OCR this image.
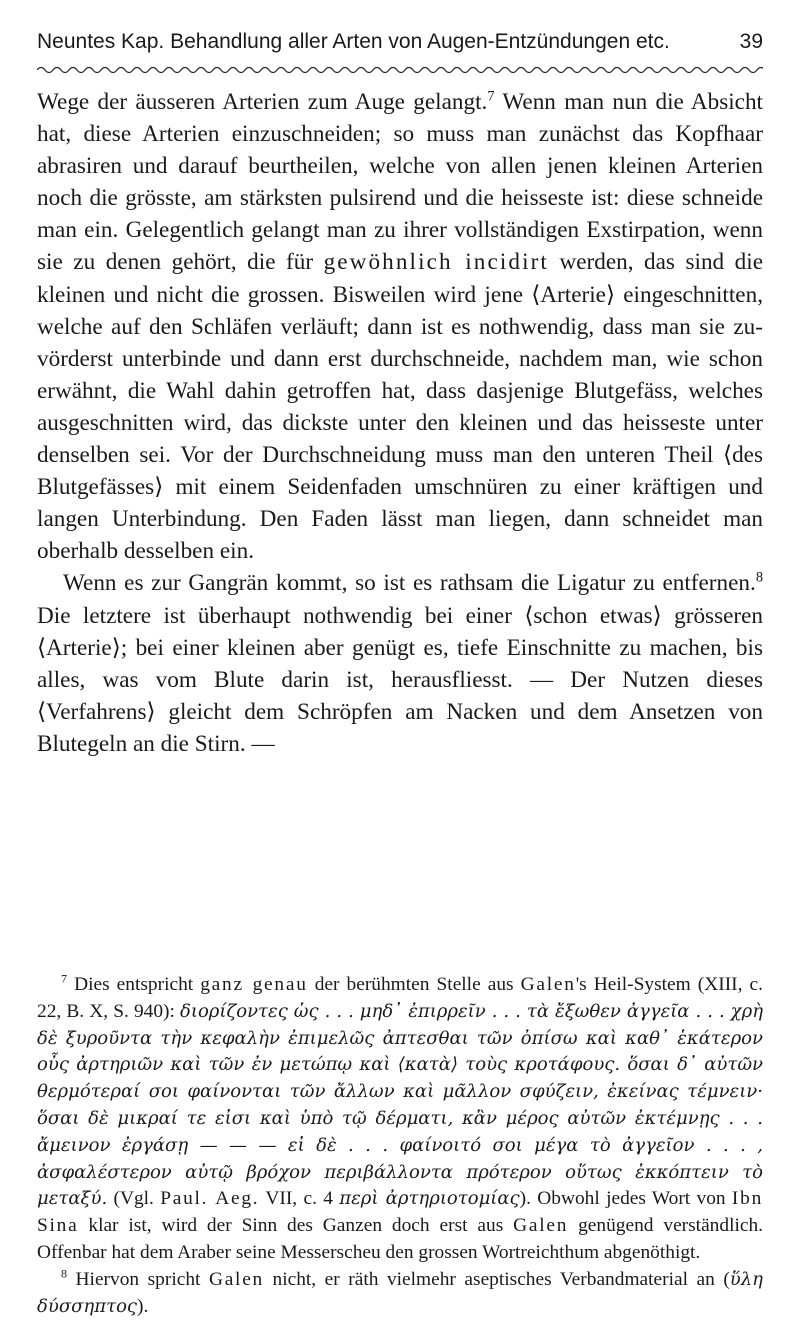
Neuntes Kap. Behandlung aller Arten von Augen-Entzündungen etc.	39

Wege der äusseren Arterien zum Auge gelangt.$^7$ Wenn man nun die Absicht hat, diese Arterien einzuschneiden; so muss man zunächst das Kopfhaar abrasiren und darauf beurtheilen, welche von allen jenen kleinen Arterien noch die grösste, am stärksten pulsirend und die heisseste ist: diese schneide man ein. Gelegentlich gelangt man zu ihrer vollständigen Exstirpation, wenn sie zu denen gehört, die für gewöhnlich incidirt werden, das sind die kleinen und nicht die grossen. Bisweilen wird jene ⟨Arterie⟩ eingeschnitten, welche auf den Schläfen verläuft; dann ist es nothwendig, dass man sie zuvörderst unterbinde und dann erst durchschneide, nachdem man, wie schon erwähnt, die Wahl dahin getroffen hat, dass dasjenige Blutgefäss, welches ausgeschnitten wird, das dickste unter den kleinen und das heisseste unter denselben sei. Vor der Durchschneidung muss man den unteren Theil ⟨des Blutgefässes⟩ mit einem Seidenfaden umschnüren zu einer kräftigen und langen Unterbindung. Den Faden lässt man liegen, dann schneidet man oberhalb desselben ein.

Wenn es zur Gangrän kommt, so ist es rathsam die Ligatur zu entfernen.$^8$ Die letztere ist überhaupt nothwendig bei einer ⟨schon etwas⟩ grösseren ⟨Arterie⟩; bei einer kleinen aber genügt es, tiefe Einschnitte zu machen, bis alles, was vom Blute darin ist, herausfliesst. — Der Nutzen dieses ⟨Verfahrens⟩ gleicht dem Schröpfen am Nacken und dem Ansetzen von Blutegeln an die Stirn. —

$^7$ Dies entspricht ganz genau der berühmten Stelle aus Galen's Heil-System (XIII, c. 22, B. X, S. 940): διορίζοντες ὡς . . . μηδ᾽ ἐπιρρεῖν . . . τὰ ἔξωθεν ἀγγεῖα . . . χρὴ δὲ ξυροῦντα τὴν κεφαλὴν ἐπιμελῶς ἀπτεσθαι τῶν ὀπίσω καὶ καθ᾽ ἑκάτερον οὖς ἀρτηριῶν καὶ τῶν ἐν μετώπῳ καὶ ⟨κατὰ⟩ τοὺς κροτάφους. ὅσαι δ᾽ αὐτῶν θερμότεραί σοι φαίνονται τῶν ἄλλων καὶ μᾶλλον σφύζειν, ἐκείνας τέμνειν· ὅσαι δὲ μικραί τε εἰσι καὶ ὑπὸ τῷ δέρματι, κἂν μέρος αὐτῶν ἐκτέμνῃς . . . ἄμεινον ἐργάσῃ — — — εἰ δὲ . . . φαίνοιτό σοι μέγα τὸ ἀγγεῖον . . . , ἀσφαλέστερον αὐτῷ βρόχον περιβάλλοντα πρότερον οὕτως ἐκκόπτειν τὸ μεταξύ. (Vgl. Paul. Aeg. VII, c. 4 περὶ ἀρτηριοτομίας). Obwohl jedes Wort von Ibn Sina klar ist, wird der Sinn des Ganzen doch erst aus Galen genügend verständlich. Offenbar hat dem Araber seine Messerscheu den grossen Wortreichthum abgenöthigt.

$^8$ Hiervon spricht Galen nicht, er räth vielmehr aseptisches Verbandmaterial an (ὕλη δύσσηπτος).
